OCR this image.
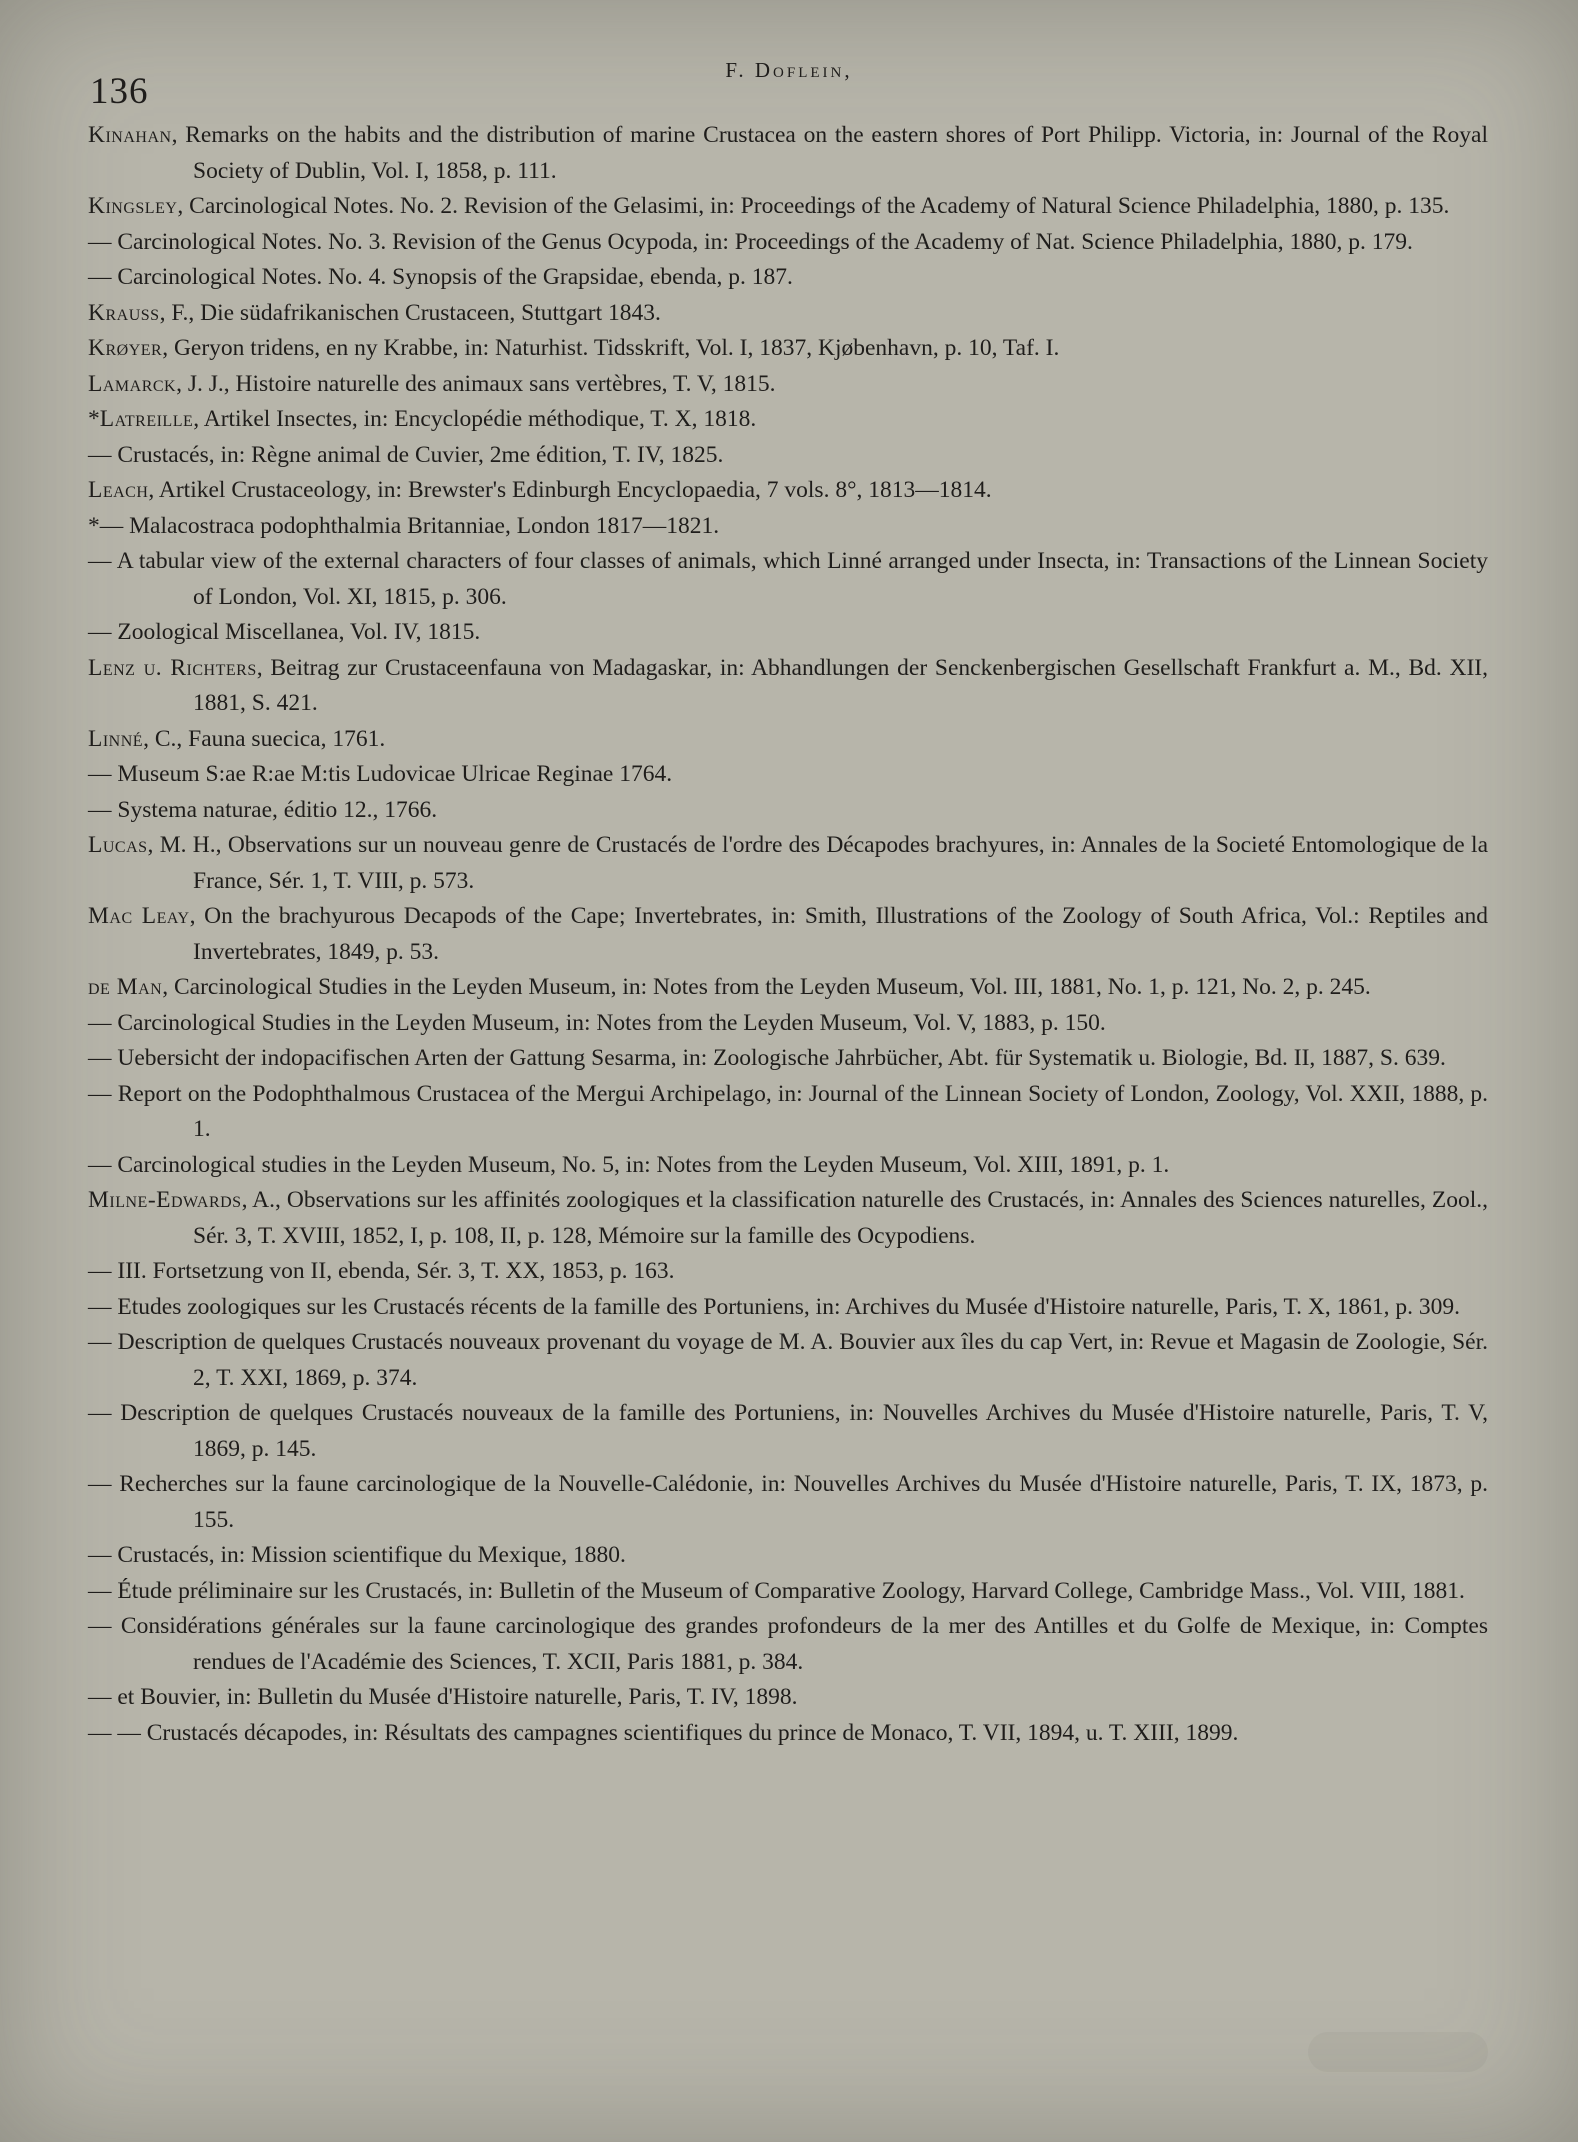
136
F. Doflein,
Kinahan, Remarks on the habits and the distribution of marine Crustacea on the eastern shores of Port Philipp. Victoria, in: Journal of the Royal Society of Dublin, Vol. I, 1858, p. 111.
Kingsley, Carcinological Notes. No. 2. Revision of the Gelasimi, in: Proceedings of the Academy of Natural Science Philadelphia, 1880, p. 135.
— Carcinological Notes. No. 3. Revision of the Genus Ocypoda, in: Proceedings of the Academy of Nat. Science Philadelphia, 1880, p. 179.
— Carcinological Notes. No. 4. Synopsis of the Grapsidae, ebenda, p. 187.
Krauss, F., Die südafrikanischen Crustaceen, Stuttgart 1843.
Krøyer, Geryon tridens, en ny Krabbe, in: Naturhist. Tidsskrift, Vol. I, 1837, Kjøbenhavn, p. 10, Taf. I.
Lamarck, J. J., Histoire naturelle des animaux sans vertèbres, T. V, 1815.
*Latreille, Artikel Insectes, in: Encyclopédie méthodique, T. X, 1818.
— Crustacés, in: Règne animal de Cuvier, 2me édition, T. IV, 1825.
Leach, Artikel Crustaceology, in: Brewster's Edinburgh Encyclopaedia, 7 vols. 8°, 1813—1814.
*— Malacostraca podophthalmia Britanniae, London 1817—1821.
— A tabular view of the external characters of four classes of animals, which Linné arranged under Insecta, in: Transactions of the Linnean Society of London, Vol. XI, 1815, p. 306.
— Zoological Miscellanea, Vol. IV, 1815.
Lenz u. Richters, Beitrag zur Crustaceenfauna von Madagaskar, in: Abhandlungen der Senckenbergischen Gesellschaft Frankfurt a. M., Bd. XII, 1881, S. 421.
Linné, C., Fauna suecica, 1761.
— Museum S:ae R:ae M:tis Ludovicae Ulricae Reginae 1764.
— Systema naturae, éditio 12., 1766.
Lucas, M. H., Observations sur un nouveau genre de Crustacés de l'ordre des Décapodes brachyures, in: Annales de la Societé Entomologique de la France, Sér. 1, T. VIII, p. 573.
Mac Leay, On the brachyurous Decapods of the Cape; Invertebrates, in: Smith, Illustrations of the Zoology of South Africa, Vol.: Reptiles and Invertebrates, 1849, p. 53.
de Man, Carcinological Studies in the Leyden Museum, in: Notes from the Leyden Museum, Vol. III, 1881, No. 1, p. 121, No. 2, p. 245.
— Carcinological Studies in the Leyden Museum, in: Notes from the Leyden Museum, Vol. V, 1883, p. 150.
— Uebersicht der indopacifischen Arten der Gattung Sesarma, in: Zoologische Jahrbücher, Abt. für Systematik u. Biologie, Bd. II, 1887, S. 639.
— Report on the Podophthalmous Crustacea of the Mergui Archipelago, in: Journal of the Linnean Society of London, Zoology, Vol. XXII, 1888, p. 1.
— Carcinological studies in the Leyden Museum, No. 5, in: Notes from the Leyden Museum, Vol. XIII, 1891, p. 1.
Milne-Edwards, A., Observations sur les affinités zoologiques et la classification naturelle des Crustacés, in: Annales des Sciences naturelles, Zool., Sér. 3, T. XVIII, 1852, I, p. 108, II, p. 128, Mémoire sur la famille des Ocypodiens.
— III. Fortsetzung von II, ebenda, Sér. 3, T. XX, 1853, p. 163.
— Etudes zoologiques sur les Crustacés récents de la famille des Portuniens, in: Archives du Musée d'Histoire naturelle, Paris, T. X, 1861, p. 309.
— Description de quelques Crustacés nouveaux provenant du voyage de M. A. Bouvier aux îles du cap Vert, in: Revue et Magasin de Zoologie, Sér. 2, T. XXI, 1869, p. 374.
— Description de quelques Crustacés nouveaux de la famille des Portuniens, in: Nouvelles Archives du Musée d'Histoire naturelle, Paris, T. V, 1869, p. 145.
— Recherches sur la faune carcinologique de la Nouvelle-Calédonie, in: Nouvelles Archives du Musée d'Histoire naturelle, Paris, T. IX, 1873, p. 155.
— Crustacés, in: Mission scientifique du Mexique, 1880.
— Étude préliminaire sur les Crustacés, in: Bulletin of the Museum of Comparative Zoology, Harvard College, Cambridge Mass., Vol. VIII, 1881.
— Considérations générales sur la faune carcinologique des grandes profondeurs de la mer des Antilles et du Golfe de Mexique, in: Comptes rendues de l'Académie des Sciences, T. XCII, Paris 1881, p. 384.
— et Bouvier, in: Bulletin du Musée d'Histoire naturelle, Paris, T. IV, 1898.
— — Crustacés décapodes, in: Résultats des campagnes scientifiques du prince de Monaco, T. VII, 1894, u. T. XIII, 1899.
